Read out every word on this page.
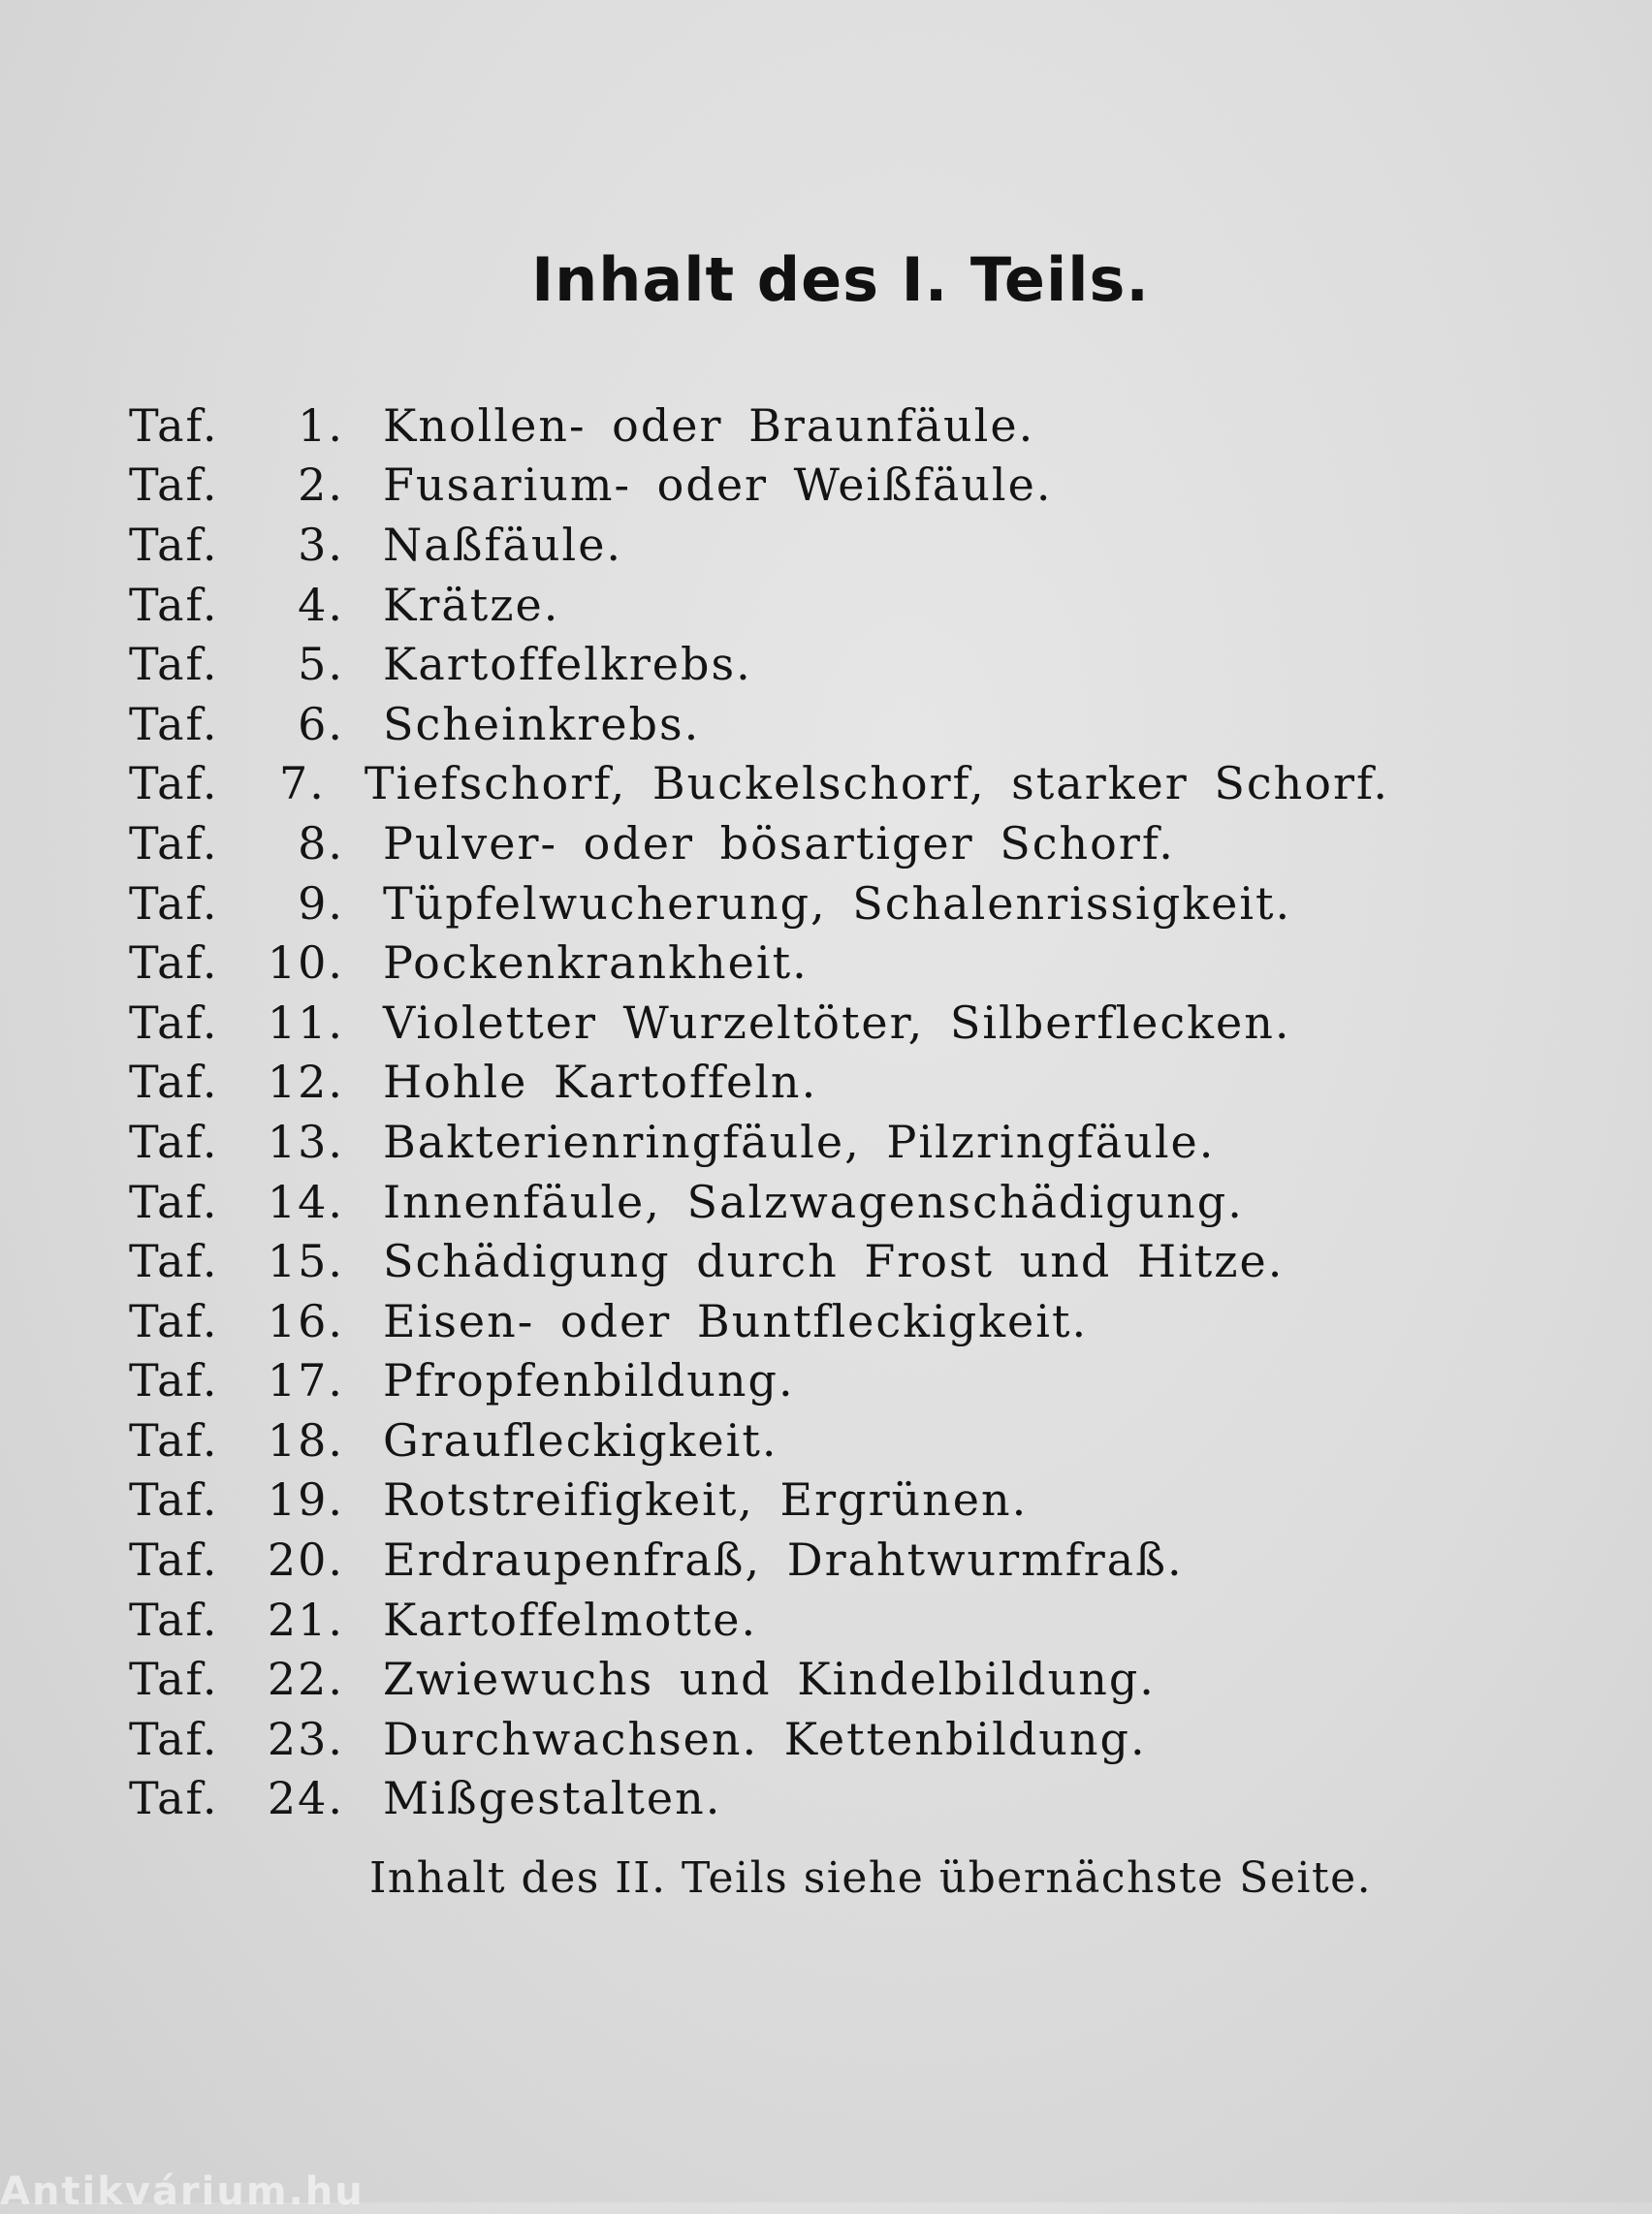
Inhalt des I. Teils.
Taf.	1. Knollen- oder Braunfäule.
Taf.	2. Fusarium- oder Weißfäule.
Taf.	3. Naßfäule.
Taf.	4. Krätze.
Taf.	5. Kartoffelkrebs.
Taf.	6. Scheinkrebs.
Taf.	7. Tiefschorf, Buckelschorf, starker Schorf.
Taf.	8. Pulver- oder bösartiger Schorf.
Taf.	9. Tüpfelwucherung, Schalenrissigkeit.
Taf.	10. Pockenkrankheit.
Taf.	11. Violetter Wurzeltöter, Silberflecken.
Taf.	12. Hohle Kartoffeln.
Taf.	13. Bakterienringfäule, Pilzringfäule.
Taf.	14. Innenfäule, Salzwagenschädigung.
Taf.	15. Schädigung durch Frost und Hitze.
Taf.	16. Eisen- oder Buntfleckigkeit.
Taf.	17. Pfropfenbildung.
Taf.	18. Graufleckigkeit.
Taf.	19. Rotstreifigkeit, Ergrünen.
Taf.	20. Erdraupenfraß, Drahtwurmfraß.
Taf.	21. Kartoffelmotte.
Taf.	22. Zwiewuchs und Kindelbildung.
Taf.	23. Durchwachsen. Kettenbildung.
Taf.	24. Mißgestalten.
Inhalt des II. Teils siehe übernächste Seite.
Antikvárium.hu
